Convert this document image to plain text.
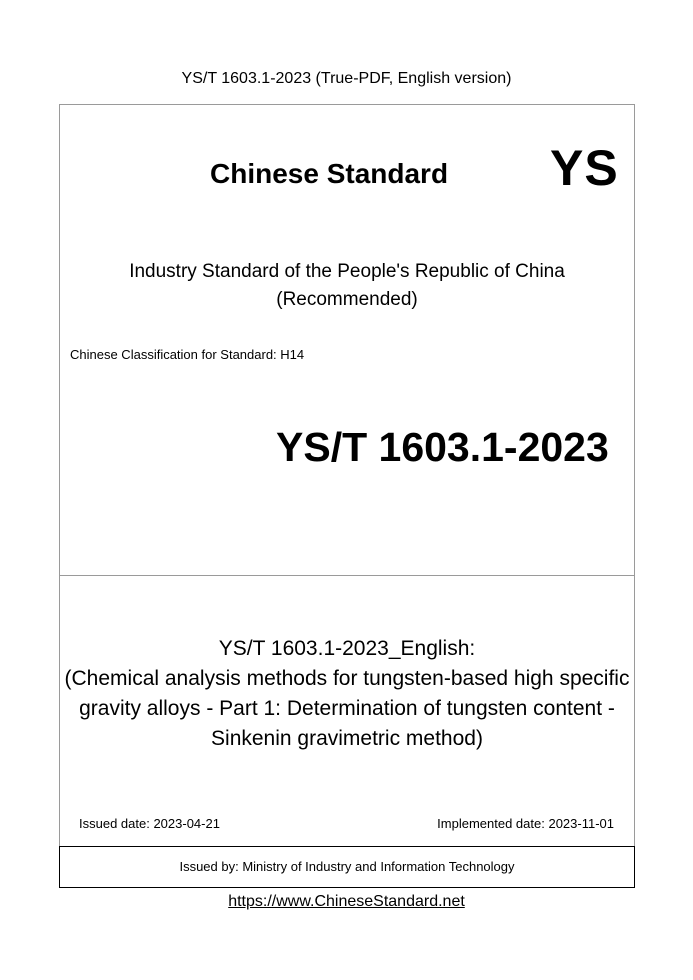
YS/T 1603.1-2023 (True-PDF, English version)
Chinese Standard YS
Industry Standard of the People's Republic of China
(Recommended)
Chinese Classification for Standard: H14
YS/T 1603.1-2023
YS/T 1603.1-2023_English:
(Chemical analysis methods for tungsten-based high specific
gravity alloys - Part 1: Determination of tungsten content -
Sinkenin gravimetric method)
Issued date: 2023-04-21	Implemented date: 2023-11-01
Issued by: Ministry of Industry and Information Technology
https://www.ChineseStandard.net
